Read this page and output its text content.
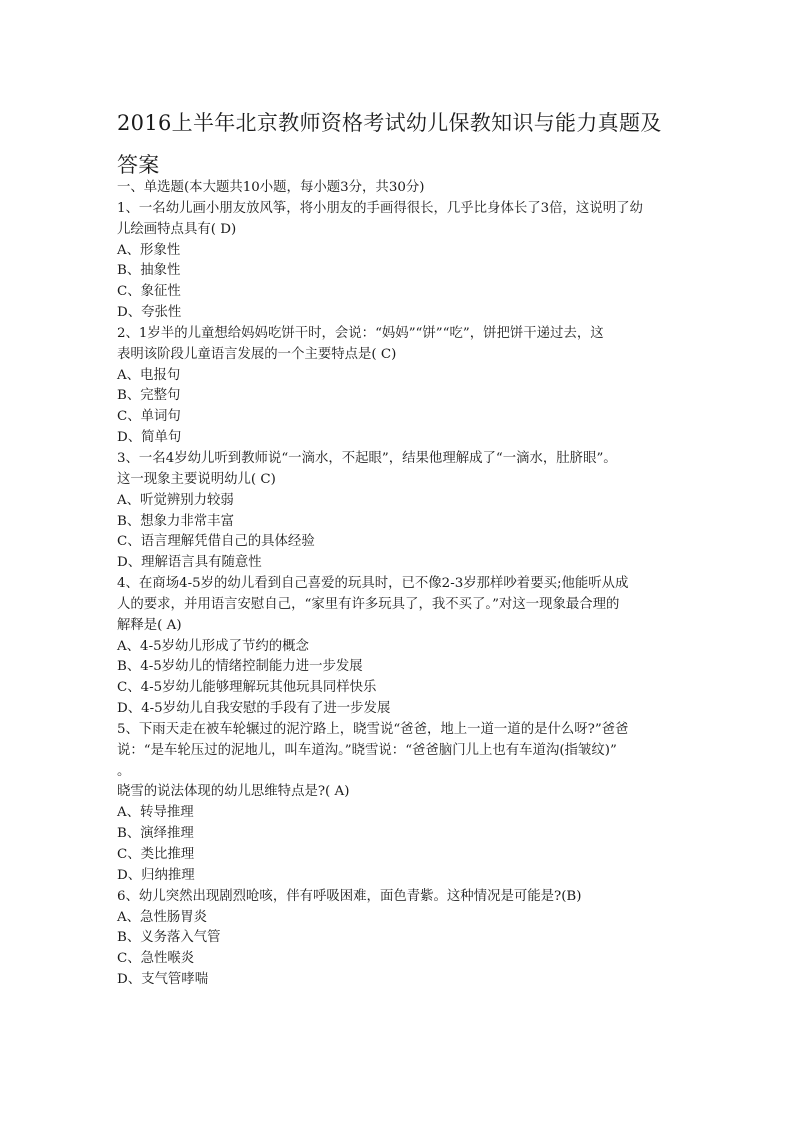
2016上半年北京教师资格考试幼儿保教知识与能力真题及
答案
一、单选题(本大题共10小题，每小题3分，共30分)
1、一名幼儿画小朋友放风筝，将小朋友的手画得很长，几乎比身体长了3倍，这说明了幼
儿绘画特点具有( D)
A、形象性
B、抽象性
C、象征性
D、夸张性
2、1岁半的儿童想给妈妈吃饼干时，会说：“妈妈”“饼”“吃”，饼把饼干递过去，这
表明该阶段儿童语言发展的一个主要特点是( C)
A、电报句
B、完整句
C、单词句
D、简单句
3、一名4岁幼儿听到教师说“一滴水，不起眼”，结果他理解成了“一滴水，肚脐眼”。
这一现象主要说明幼儿( C)
A、听觉辨别力较弱
B、想象力非常丰富
C、语言理解凭借自己的具体经验
D、理解语言具有随意性
4、在商场4-5岁的幼儿看到自己喜爱的玩具时，已不像2-3岁那样吵着要买;他能听从成
人的要求，并用语言安慰自己，“家里有许多玩具了，我不买了。”对这一现象最合理的
解释是( A)
A、4-5岁幼儿形成了节约的概念
B、4-5岁幼儿的情绪控制能力进一步发展
C、4-5岁幼儿能够理解玩其他玩具同样快乐
D、4-5岁幼儿自我安慰的手段有了进一步发展
5、下雨天走在被车轮辗过的泥泞路上，晓雪说“爸爸，地上一道一道的是什么呀?”爸爸
说：“是车轮压过的泥地儿，叫车道沟。”晓雪说：“爸爸脑门儿上也有车道沟(指皱纹)”
。
晓雪的说法体现的幼儿思维特点是?( A)
A、转导推理
B、演绎推理
C、类比推理
D、归纳推理
6、幼儿突然出现剧烈呛咳，伴有呼吸困难，面色青紫。这种情况是可能是?(B)
A、急性肠胃炎
B、义务落入气管
C、急性喉炎
D、支气管哮喘
